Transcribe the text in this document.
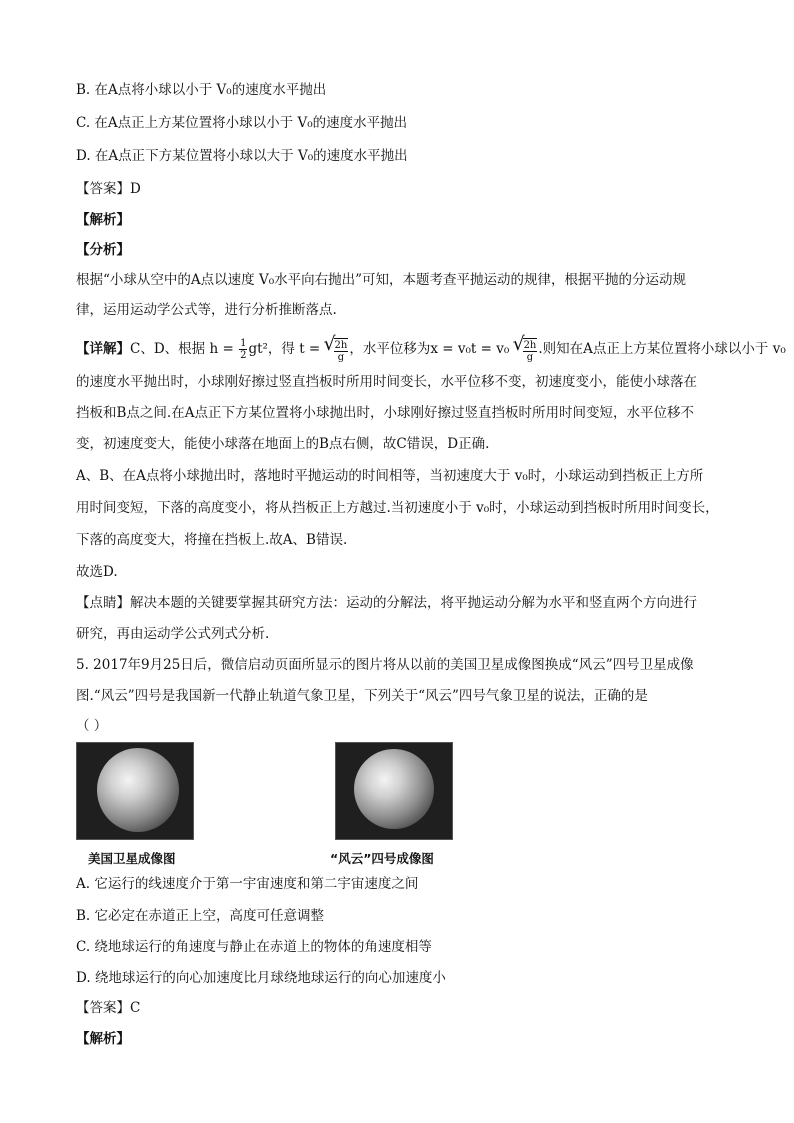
B. 在A点将小球以小于 V₀的速度水平抛出
C. 在A点正上方某位置将小球以小于 V₀的速度水平抛出
D. 在A点正下方某位置将小球以大于 V₀的速度水平抛出
【答案】D
【解析】
【分析】
根据“小球从空中的A点以速度 V₀水平向右抛出”可知，本题考查平抛运动的规律，根据平抛的分运动规
律，运用运动学公式等，进行分析推断落点.
【详解】C、D、根据 $h = \frac{1}{2} gt^2$，得 t = √ $\frac{2h}{g}$ ，水平位移为x = v₀t = v₀ √ $\frac{2h}{g}$ .则知在A点正上方某位置将小球以小于 v₀
的速度水平抛出时，小球刚好擦过竖直挡板时所用时间变长，水平位移不变，初速度变小，能使小球落在
挡板和B点之间.在A点正下方某位置将小球抛出时，小球刚好擦过竖直挡板时所用时间变短，水平位移不
变，初速度变大，能使小球落在地面上的B点右侧，故C错误，D正确.
A、B、在A点将小球抛出时，落地时平抛运动的时间相等，当初速度大于 v₀时，小球运动到挡板正上方所
用时间变短，下落的高度变小，将从挡板正上方越过.当初速度小于 v₀时，小球运动到挡板时所用时间变长，
下落的高度变大，将撞在挡板上.故A、B错误.
故选D.
【点睛】解决本题的关键要掌握其研究方法：运动的分解法，将平抛运动分解为水平和竖直两个方向进行
研究，再由运动学公式列式分析.
5. 2017年9月25日后，微信启动页面所显示的图片将从以前的美国卫星成像图换成“风云”四号卫星成像
图.“风云”四号是我国新一代静止轨道气象卫星，下列关于“风云”四号气象卫星的说法，正确的是
（ ）
美国卫星成像图	“风云”四号成像图
A. 它运行的线速度介于第一宇宙速度和第二宇宙速度之间
B. 它必定在赤道正上空，高度可任意调整
C. 绕地球运行的角速度与静止在赤道上的物体的角速度相等
D. 绕地球运行的向心加速度比月球绕地球运行的向心加速度小
【答案】C
【解析】
